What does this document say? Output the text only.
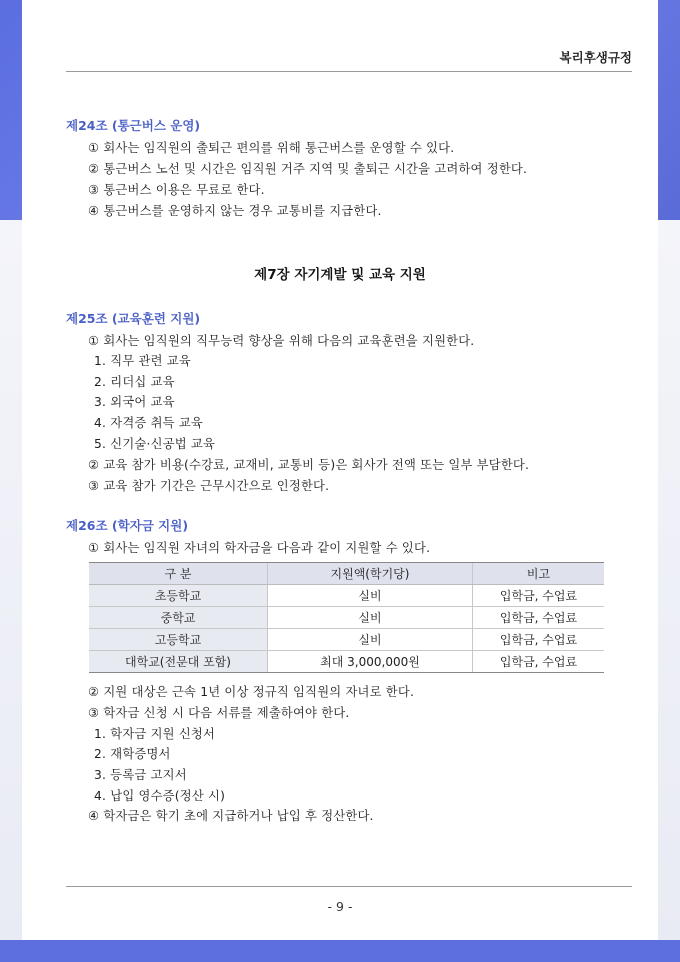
복리후생규정
제24조 (통근버스 운영)
① 회사는 임직원의 출퇴근 편의를 위해 통근버스를 운영할 수 있다.
② 통근버스 노선 및 시간은 임직원 거주 지역 및 출퇴근 시간을 고려하여 정한다.
③ 통근버스 이용은 무료로 한다.
④ 통근버스를 운영하지 않는 경우 교통비를 지급한다.
제7장 자기계발 및 교육 지원
제25조 (교육훈련 지원)
① 회사는 임직원의 직무능력 향상을 위해 다음의 교육훈련을 지원한다.
1. 직무 관련 교육
2. 리더십 교육
3. 외국어 교육
4. 자격증 취득 교육
5. 신기술·신공법 교육
② 교육 참가 비용(수강료, 교재비, 교통비 등)은 회사가 전액 또는 일부 부담한다.
③ 교육 참가 기간은 근무시간으로 인정한다.
제26조 (학자금 지원)
① 회사는 임직원 자녀의 학자금을 다음과 같이 지원할 수 있다.
구 분	지원액(학기당)	비고
초등학교	실비	입학금, 수업료
중학교	실비	입학금, 수업료
고등학교	실비	입학금, 수업료
대학교(전문대 포함)	최대 3,000,000원	입학금, 수업료
② 지원 대상은 근속 1년 이상 정규직 임직원의 자녀로 한다.
③ 학자금 신청 시 다음 서류를 제출하여야 한다.
1. 학자금 지원 신청서
2. 재학증명서
3. 등록금 고지서
4. 납입 영수증(정산 시)
④ 학자금은 학기 초에 지급하거나 납입 후 정산한다.
- 9 -
